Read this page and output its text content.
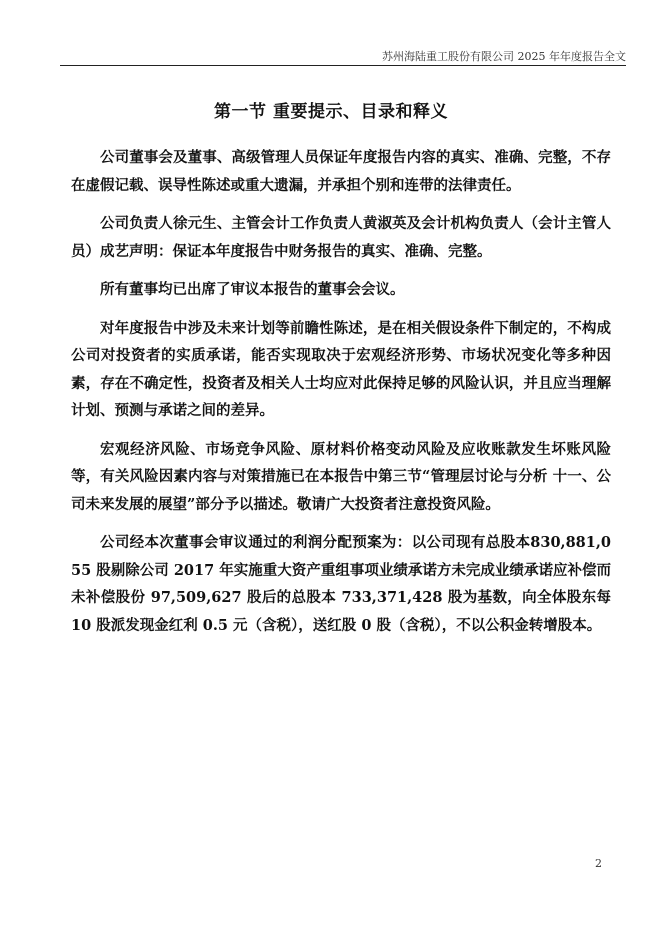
苏州海陆重工股份有限公司 2025 年年度报告全文
第一节 重要提示、目录和释义

公司董事会及董事、高级管理人员保证年度报告内容的真实、准确、完整，不存在虚假记载、误导性陈述或重大遗漏，并承担个别和连带的法律责任。

公司负责人徐元生、主管会计工作负责人黄淑英及会计机构负责人（会计主管人员）成艺声明：保证本年度报告中财务报告的真实、准确、完整。

所有董事均已出席了审议本报告的董事会会议。

对年度报告中涉及未来计划等前瞻性陈述，是在相关假设条件下制定的，不构成公司对投资者的实质承诺，能否实现取决于宏观经济形势、市场状况变化等多种因素，存在不确定性，投资者及相关人士均应对此保持足够的风险认识，并且应当理解计划、预测与承诺之间的差异。

宏观经济风险、市场竞争风险、原材料价格变动风险及应收账款发生坏账风险等，有关风险因素内容与对策措施已在本报告中第三节“管理层讨论与分析 十一、公司未来发展的展望”部分予以描述。敬请广大投资者注意投资风险。

公司经本次董事会审议通过的利润分配预案为：以公司现有总股本830,881,055 股剔除公司 2017 年实施重大资产重组事项业绩承诺方未完成业绩承诺应补偿而未补偿股份 97,509,627 股后的总股本 733,371,428 股为基数，向全体股东每 10 股派发现金红利 0.5 元（含税），送红股 0 股（含税），不以公积金转增股本。

2
